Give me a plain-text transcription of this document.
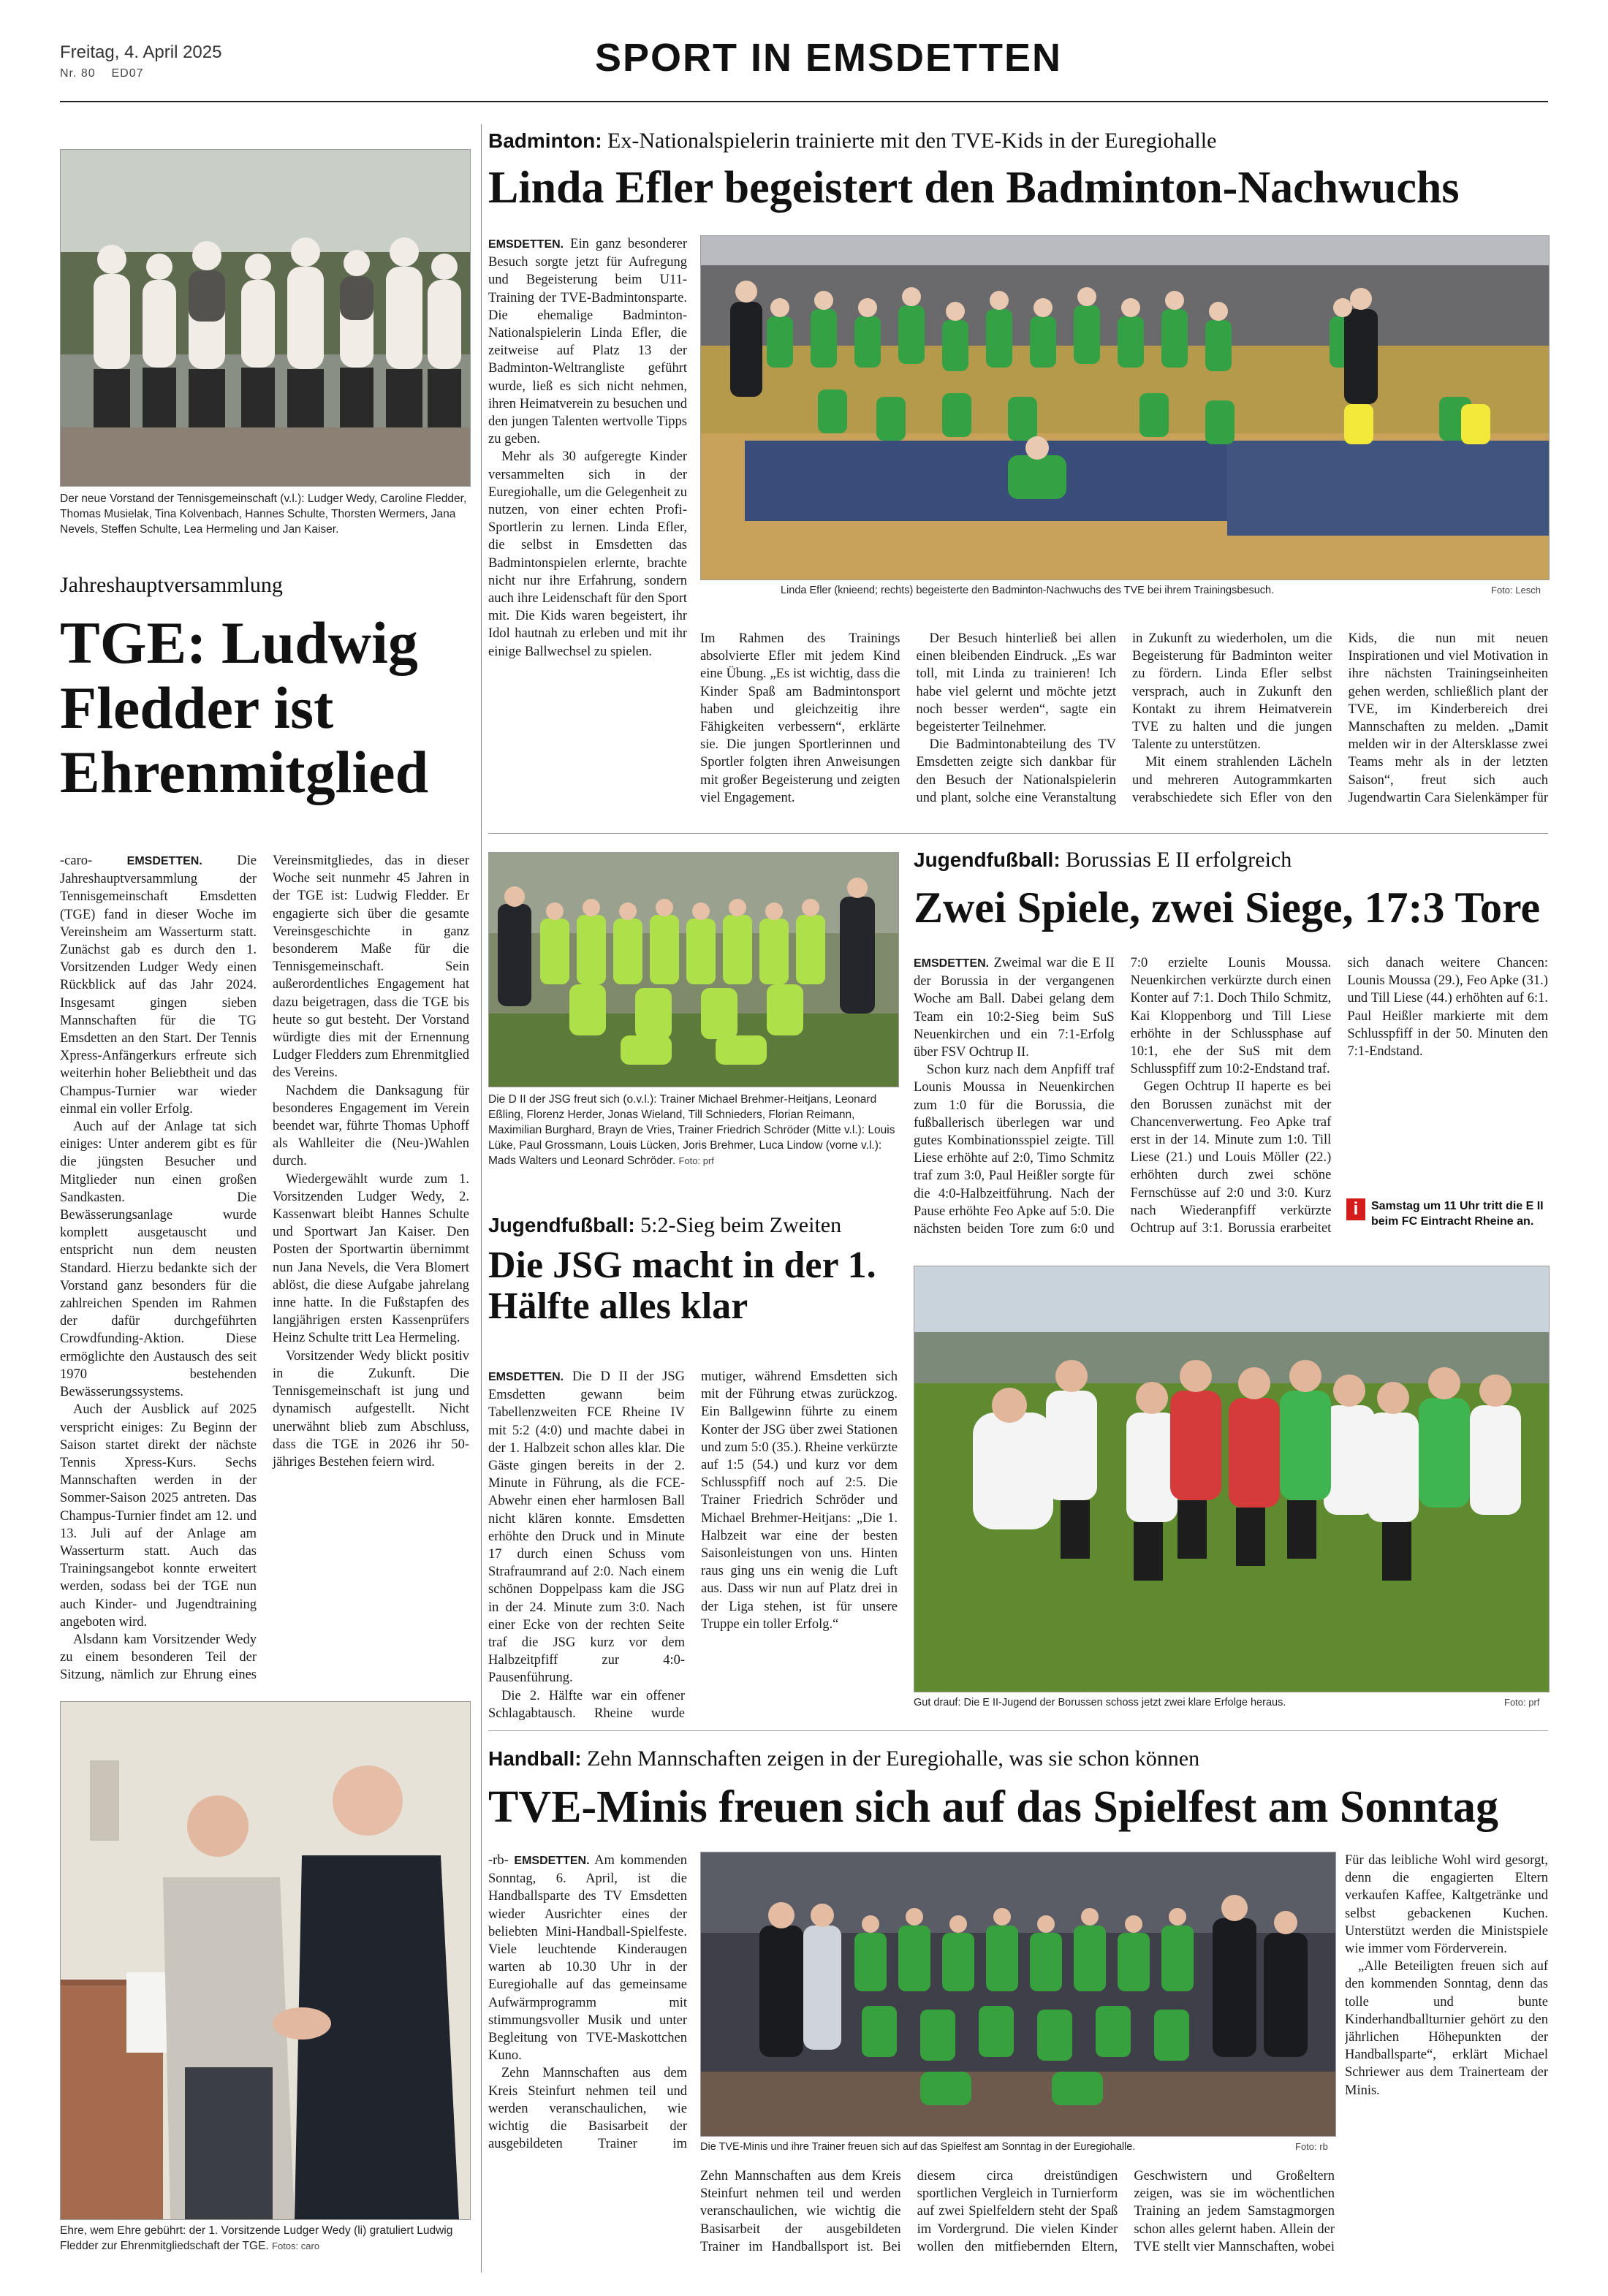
Freitag, 4. April 2025
Nr. 80 ED07	SPORT IN EMSDETTEN
Der neue Vorstand der Tennisgemeinschaft (v.l.): Ludger Wedy, Caroline Fledder, Thomas Musielak, Tina Kolvenbach, Hannes Schulte, Thorsten Wermers, Jana Nevels, Steffen Schulte, Lea Hermeling und Jan Kaiser.
Jahreshauptversammlung
TGE: Ludwig Fledder ist Ehrenmitglied

-caro-	EMSDETTEN.	Die Jahreshauptversammlung der Tennisgemeinschaft Emsdetten (TGE) fand in dieser Woche im Vereinsheim am Wasserturm statt. Zunächst gab es durch den 1. Vorsitzenden Ludger Wedy einen Rückblick auf das Jahr 2024. Insgesamt gingen sieben Mannschaften für die TG Emsdetten an den Start. Der Tennis Xpress-Anfängerkurs erfreute sich weiterhin hoher Beliebtheit und das Champus-Turnier war wieder einmal ein voller Erfolg.

Auch auf der Anlage tat sich einiges: Unter anderem gibt es für die jüngsten Besucher und Mitglieder nun einen großen Sandkasten. Die Bewässerungsanlage wurde komplett ausgetauscht und entspricht nun dem neusten Standard. Hierzu bedankte sich der Vorstand ganz besonders für die zahlreichen Spenden im Rahmen der dafür durchgeführten Crowdfunding-Aktion. Diese ermöglichte den Austausch des seit 1970 bestehenden Bewässerungssystems.

Auch der Ausblick auf 2025 verspricht einiges: Zu Beginn der Saison startet direkt der nächste Tennis Xpress-Kurs. Sechs Mannschaften werden in der Sommer-Saison 2025 antreten. Das Champus-Turnier findet am 12. und 13. Juli auf der Anlage am Wasserturm statt. Auch das Trainingsangebot konnte erweitert werden, sodass bei der TGE nun auch Kinder- und Jugendtraining angeboten wird.

Alsdann kam Vorsitzender Wedy zu einem besonderen Teil der Sitzung, nämlich zur Ehrung eines Vereinsmitgliedes, das in dieser Woche seit nunmehr 45 Jahren in der TGE ist: Ludwig Fledder. Er engagierte sich über die gesamte Vereinsgeschichte in ganz besonderem Maße für die Tennisgemeinschaft. Sein außerordentliches Engagement hat dazu beigetragen, dass die TGE bis heute so gut besteht. Der Vorstand würdigte dies mit der Ernennung Ludger Fledders zum Ehrenmitglied des Vereins.

Nachdem die Danksagung für besonderes Engagement im Verein beendet war, führte Thomas Uphoff als Wahlleiter die (Neu-)Wahlen durch.

Wiedergewählt wurde zum 1. Vorsitzenden Ludger Wedy, 2. Kassenwart bleibt Hannes Schulte und Sportwart Jan Kaiser. Den Posten der Sportwartin übernimmt nun Jana Nevels, die Vera Blomert ablöst, die diese Aufgabe jahrelang inne hatte. In die Fußstapfen des langjährigen ersten Kassenprüfers Heinz Schulte tritt Lea Hermeling.

Vorsitzender Wedy blickt positiv in die Zukunft. Die Tennisgemeinschaft ist jung und dynamisch aufgestellt. Nicht unerwähnt blieb zum Abschluss, dass die TGE in 2026 ihr 50-jähriges Bestehen feiern wird.

Ehre, wem Ehre gebührt: der 1. Vorsitzende Ludger Wedy (li) gratuliert Ludwig Fledder zur Ehrenmitgliedschaft der TGE. Fotos: caro
Badminton: Ex-Nationalspielerin trainierte mit den TVE-Kids in der Euregiohalle
Linda Efler begeistert den Badminton-Nachwuchs
Linda Efler (knieend; rechts) begeisterte den Badminton-Nachwuchs des TVE bei ihrem Trainingsbesuch.	Foto: Lesch

EMSDETTEN. Ein ganz besonderer Besuch sorgte jetzt für Aufregung und Begeisterung beim U11-Training der TVE-Badmintonsparte. Die ehemalige Badminton-Nationalspielerin Linda Efler, die zeitweise auf Platz 13 der Badminton-Weltrangliste geführt wurde, ließ es sich nicht nehmen, ihren Heimatverein zu besuchen und den jungen Talenten wertvolle Tipps zu geben.

Mehr als 30 aufgeregte Kinder versammelten sich in der Euregiohalle, um die Gelegenheit zu nutzen, von einer echten Profi-Sportlerin zu lernen. Linda Efler, die selbst in Emsdetten das Badmintonspielen erlernte, brachte nicht nur ihre Erfahrung, sondern auch ihre Leidenschaft für den Sport mit. Die Kids waren begeistert, ihr Idol hautnah zu erleben und mit ihr einige Ballwechsel zu spielen.

Im Rahmen des Trainings absolvierte Efler mit jedem Kind eine Übung. „Es ist wichtig, dass die Kinder Spaß am Badmintonsport haben und gleichzeitig ihre Fähigkeiten verbessern“, erklärte sie. Die jungen Sportlerinnen und Sportler folgten ihren Anweisungen mit großer Begeisterung und zeigten viel Engagement.

Der Besuch hinterließ bei allen einen bleibenden Eindruck. „Es war toll, mit Linda zu trainieren! Ich habe viel gelernt und möchte jetzt noch besser werden“, sagte ein begeisterter Teilnehmer.

Die Badmintonabteilung des TV Emsdetten zeigte sich dankbar für den Besuch der Nationalspielerin und plant, solche eine Veranstaltung in Zukunft zu wiederholen, um die Begeisterung für Badminton weiter zu fördern. Linda Efler selbst versprach, auch in Zukunft den Kontakt zu ihrem Heimatverein TVE zu halten und die jungen Talente zu unterstützen.

Mit einem strahlenden Lächeln und mehreren Autogrammkarten verabschiedete sich Efler von den Kids, die nun mit neuen Inspirationen und viel Motivation in ihre nächsten Trainingseinheiten gehen werden, schließlich plant der TVE, im Kinderbereich drei Mannschaften zu melden. „Damit melden wir in der Altersklasse zwei Teams mehr als in der letzten Saison“, freut sich auch Jugendwartin Cara Sielenkämper für

Die D II der JSG freut sich (o.v.l.): Trainer Michael Brehmer-Heitjans, Leonard Eßling, Florenz Herder, Jonas Wieland, Till Schnieders, Florian Reimann, Maximilian Burghard, Brayn de Vries, Trainer Friedrich Schröder (Mitte v.l.): Louis Lüke, Paul Grossmann, Louis Lücken, Joris Brehmer, Luca Lindow (vorne v.l.): Mads Walters und Leonard Schröder. Foto: prf
Jugendfußball: 5:2-Sieg beim Zweiten
Die JSG macht in der 1. Hälfte alles klar

EMSDETTEN. Die D II der JSG Emsdetten gewann beim Tabellenzweiten FCE Rheine IV mit 5:2 (4:0) und machte dabei in der 1. Halbzeit schon alles klar. Die Gäste gingen bereits in der 2. Minute in Führung, als die FCE-Abwehr einen eher harmlosen Ball nicht klären konnte. Emsdetten erhöhte den Druck und in Minute 17 durch einen Schuss vom Strafraumrand auf 2:0. Nach einem schönen Doppelpass kam die JSG in der 24. Minute zum 3:0. Nach einer Ecke von der rechten Seite traf die JSG kurz vor dem Halbzeitpfiff zur 4:0-Pausenführung.

Die 2. Hälfte war ein offener Schlagabtausch. Rheine wurde mutiger, während Emsdetten sich mit der Führung etwas zurückzog. Ein Ballgewinn führte zu einem Konter der JSG über zwei Stationen und zum 5:0 (35.). Rheine verkürzte auf 1:5 (54.) und kurz vor dem Schlusspfiff noch auf 2:5. Die Trainer Friedrich Schröder und Michael Brehmer-Heitjans: „Die 1. Halbzeit war eine der besten Saisonleistungen von uns. Hinten raus ging uns ein wenig die Luft aus. Dass wir nun auf Platz drei in der Liga stehen, ist für unsere Truppe ein toller Erfolg.“

Jugendfußball: Borussias E II erfolgreich
Zwei Spiele, zwei Siege, 17:3 Tore

EMSDETTEN. Zweimal war die E II der Borussia in der vergangenen Woche am Ball. Dabei gelang dem Team ein 10:2-Sieg beim SuS Neuenkirchen und ein 7:1-Erfolg über FSV Ochtrup II.

Schon kurz nach dem Anpfiff traf Lounis Moussa in Neuenkirchen zum 1:0 für die Borussia, die fußballerisch überlegen war und gutes Kombinationsspiel zeigte. Till Liese erhöhte auf 2:0, Timo Schmitz traf zum 3:0, Paul Heißler sorgte für die 4:0-Halbzeitführung. Nach der Pause erhöhte Feo Apke auf 5:0. Die nächsten beiden Tore zum 6:0 und 7:0 erzielte Lounis Moussa. Neuenkirchen verkürzte durch einen Konter auf 7:1. Doch Thilo Schmitz, Kai Kloppenborg und Till Liese erhöhte in der Schlussphase auf 10:1, ehe der SuS mit dem Schlusspfiff zum 10:2-Endstand traf.

Gegen Ochtrup II haperte es bei den Borussen zunächst mit der Chancenverwertung. Feo Apke traf erst in der 14. Minute zum 1:0. Till Liese (21.) und Louis Möller (22.) erhöhten durch zwei schöne Fernschüsse auf 2:0 und 3:0. Kurz nach Wiederanpfiff verkürzte Ochtrup auf 3:1. Borussia erarbeitet sich danach weitere Chancen: Lounis Moussa (29.), Feo Apke (31.) und Till Liese (44.) erhöhten auf 6:1. Paul Heißler markierte mit dem Schlusspfiff in der 50. Minuten den 7:1-Endstand.

i	Samstag um 11 Uhr tritt die E II beim FC Eintracht Rheine an.
Gut drauf: Die E II-Jugend der Borussen schoss jetzt zwei klare Erfolge heraus.	Foto: prf
Handball: Zehn Mannschaften zeigen in der Euregiohalle, was sie schon können
TVE-Minis freuen sich auf das Spielfest am Sonntag
Die TVE-Minis und ihre Trainer freuen sich auf das Spielfest am Sonntag in der Euregiohalle.	Foto: rb

-rb- EMSDETTEN. Am kommenden Sonntag, 6. April, ist die Handballsparte des TV Emsdetten wieder Ausrichter eines der beliebten Mini-Handball-Spielfeste. Viele leuchtende Kinderaugen warten ab 10.30 Uhr in der Euregiohalle auf das gemeinsame Aufwärmprogramm mit stimmungsvoller Musik und unter Begleitung von TVE-Maskottchen Kuno.

Zehn Mannschaften aus dem Kreis Steinfurt nehmen teil und werden veranschaulichen, wie wichtig die Basisarbeit der ausgebildeten Trainer im

Für das leibliche Wohl wird gesorgt, denn die engagierten Eltern verkaufen Kaffee, Kaltgetränke und selbst gebackenen Kuchen. Unterstützt werden die Ministspiele wie immer vom Förderverein.

„Alle Beteiligten freuen sich auf den kommenden Sonntag, denn das tolle und bunte Kinderhandballturnier gehört zu den jährlichen Höhepunkten der Handballsparte“, erklärt Michael Schriewer aus dem Trainerteam der Minis.

Zehn Mannschaften aus dem Kreis Steinfurt nehmen teil und werden veranschaulichen, wie wichtig die Basisarbeit der ausgebildeten Trainer im Handballsport ist. Bei diesem circa dreistündigen sportlichen Vergleich in Turnierform auf zwei Spielfeldern steht der Spaß im Vordergrund. Die vielen Kinder wollen den mitfiebernden Eltern, Geschwistern und Großeltern zeigen, was sie im wöchentlichen Training an jedem Samstagmorgen schon alles gelernt haben. Allein der TVE stellt vier Mannschaften, wobei
